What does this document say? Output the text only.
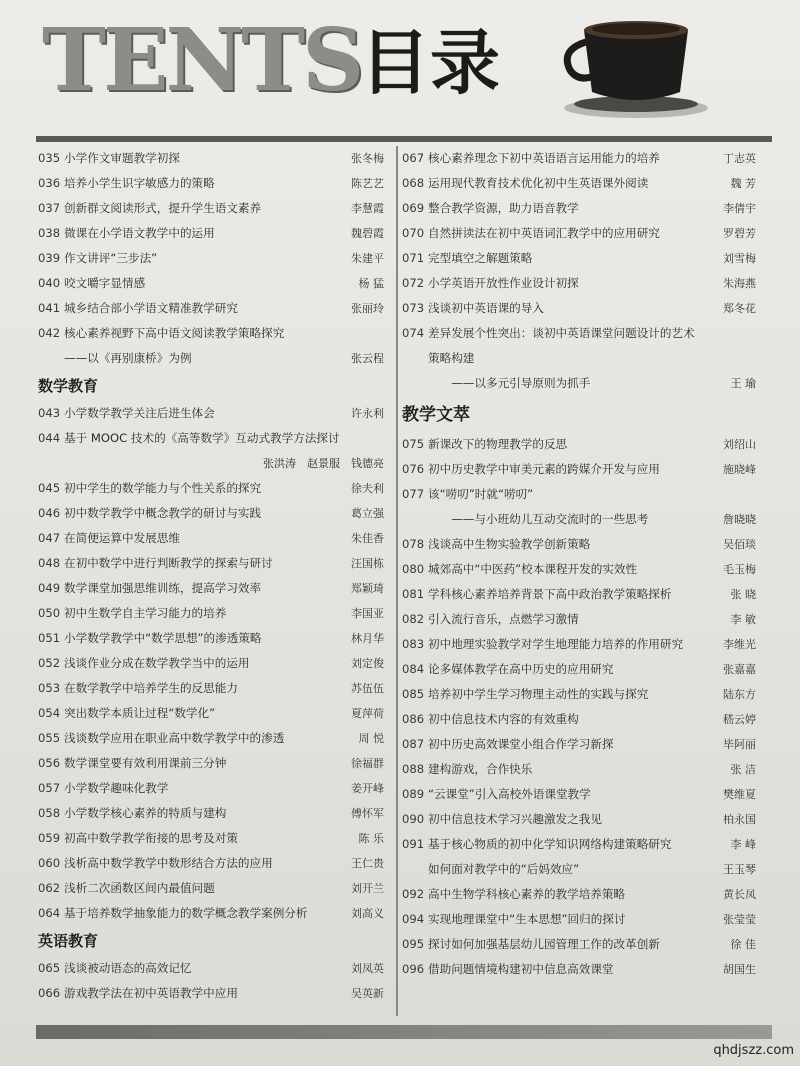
TENTS
目录
035 小学作文审题教学初探	张冬梅
036 培养小学生识字敏感力的策略	陈艺艺
037 创新群文阅读形式，提升学生语文素养	李慧霞
038 微课在小学语文教学中的运用	魏碧霞
039 作文讲评“三步法”	朱建平
040 咬文嚼字显情感	杨 猛
041 城乡结合部小学语文精准教学研究	张丽玲
042 核心素养视野下高中语文阅读教学策略探究
——以《再别康桥》为例	张云程
数学教育
043 小学数学教学关注后进生体会	许永利
044 基于 MOOC 技术的《高等数学》互动式教学方法探讨
张洪涛　赵景服　钱德亮
045 初中学生的数学能力与个性关系的探究	徐夫利
046 初中数学教学中概念教学的研讨与实践	葛立强
047 在简便运算中发展思维	朱佳香
048 在初中数学中进行判断教学的探索与研讨	汪国栋
049 数学课堂加强思维训练，提高学习效率	郑颖琦
050 初中生数学自主学习能力的培养	李国亚
051 小学数学教学中“数学思想”的渗透策略	林月华
052 浅谈作业分成在数学教学当中的运用	刘定俊
053 在数学教学中培养学生的反思能力	苏伍伍
054 突出数学本质让过程“数学化”	夏萍荷
055 浅谈数学应用在职业高中数学教学中的渗透	周 悦
056 数学课堂要有效利用课前三分钟	徐福群
057 小学数学趣味化教学	姜开峰
058 小学数学核心素养的特质与建构	傅怀军
059 初高中数学教学衔接的思考及对策	陈 乐
060 浅析高中数学教学中数形结合方法的应用	王仁贵
062 浅析二次函数区间内最值问题	刘开兰
064 基于培养数学抽象能力的数学概念教学案例分析	刘高义
英语教育
065 浅谈被动语态的高效记忆	刘凤英
066 游戏教学法在初中英语教学中应用	吴英新
067 核心素养理念下初中英语语言运用能力的培养	丁志英
068 运用现代教育技术优化初中生英语课外阅读	魏 芳
069 整合教学资源，助力语音教学	李倩宇
070 自然拼读法在初中英语词汇教学中的应用研究	罗碧芳
071 完型填空之解题策略	刘雪梅
072 小学英语开放性作业设计初探	朱海燕
073 浅谈初中英语课的导入	郑冬花
074 差异发展个性突出：谈初中英语课堂问题设计的艺术
策略构建
　　——以多元引导原则为抓手	王 瑜
教学文萃
075 新课改下的物理教学的反思	刘绍山
076 初中历史教学中审美元素的跨媒介开发与应用	施晓峰
077 该“唠叨”时就“唠叨”
　　——与小班幼儿互动交流时的一些思考	詹晓晓
078 浅谈高中生物实验教学创新策略	吴佰琰
080 城郊高中“中医药”校本课程开发的实效性	毛玉梅
081 学科核心素养培养背景下高中政治教学策略探析	张 晓
082 引入流行音乐，点燃学习激情	李 敏
083 初中地理实验教学对学生地理能力培养的作用研究	李维光
084 论多媒体教学在高中历史的应用研究	张嘉嘉
085 培养初中学生学习物理主动性的实践与探究	陆东方
086 初中信息技术内容的有效重构	嵇云婷
087 初中历史高效课堂小组合作学习新探	毕阿丽
088 建构游戏，合作快乐	张 洁
089 “云课堂”引入高校外语课堂教学	樊维夏
090 初中信息技术学习兴趣激发之我见	柏永国
091 基于核心物质的初中化学知识网络构建策略研究	李 峰
如何面对教学中的“后妈效应”	王玉琴
092 高中生物学科核心素养的教学培养策略	黄长凤
094 实现地理课堂中“生本思想”回归的探讨	张莹莹
095 探讨如何加强基层幼儿园管理工作的改革创新	徐 佳
096 借助问题情境构建初中信息高效课堂	胡国生
qhdjszz.com
